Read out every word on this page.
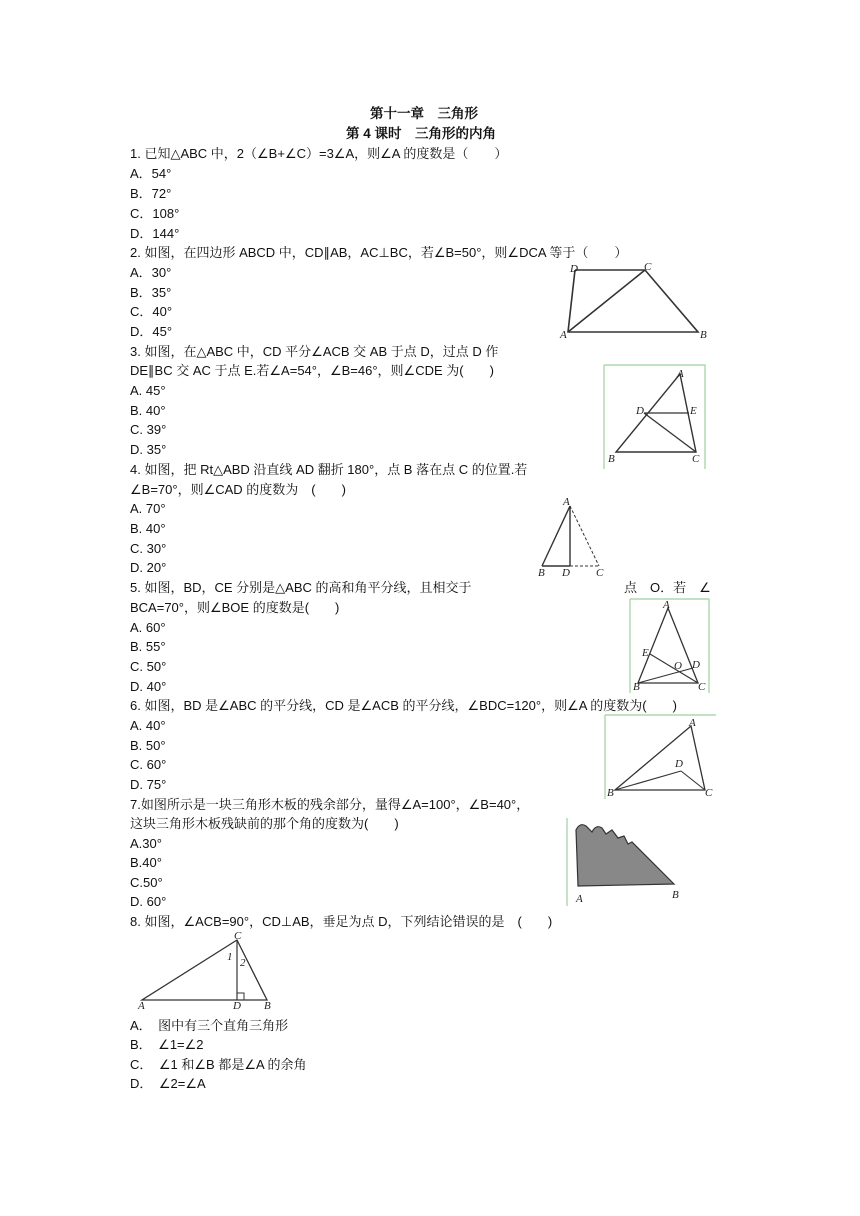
第十一章　三角形
第 4 课时　三角形的内角
1. 已知△ABC 中，2（∠B+∠C）=3∠A，则∠A 的度数是（　　）
A．54°
B．72°
C．108°
D．144°
2. 如图，在四边形 ABCD 中，CD∥AB，AC⊥BC，若∠B=50°，则∠DCA 等于（　　）
A．30°
B．35°
C．40°
D．45°
D	C
A	B
3. 如图，在△ABC 中，CD 平分∠ACB 交 AB 于点 D，过点 D 作
DE∥BC 交 AC 于点 E.若∠A=54°，∠B=46°，则∠CDE 为(　　)
A. 45°
B. 40°
C. 39°
D. 35°
A
D	E
B	C
4. 如图，把 Rt△ABD 沿直线 AD 翻折 180°，点 B 落在点 C 的位置.若
∠B=70°，则∠CAD 的度数为　(　　)
A. 70°
B. 40°
C. 30°
D. 20°
A
B D C
5. 如图，BD，CE 分别是△ABC 的高和角平分线，且相交于	点　O．若　∠
BCA=70°，则∠BOE 的度数是(　　)
A. 60°
B. 55°
C. 50°
D. 40°
A
E
O D
B	C
6. 如图，BD 是∠ABC 的平分线，CD 是∠ACB 的平分线，∠BDC=120°，则∠A 的度数为(　　)
A. 40°
B. 50°
C. 60°
D. 75°
A
D
B	C
7.如图所示是一块三角形木板的残余部分，量得∠A=100°，∠B=40°，
这块三角形木板残缺前的那个角的度数为(　　)
A.30°
B.40°
C.50°
D. 60°	A	B
8. 如图，∠ACB=90°，CD⊥AB，垂足为点 D，下列结论错误的是　(　　)
C
1 2
A	D B
A．　图中有三个直角三角形
B．　∠1=∠2
C．　∠1 和∠B 都是∠A 的余角
D．　∠2=∠A
